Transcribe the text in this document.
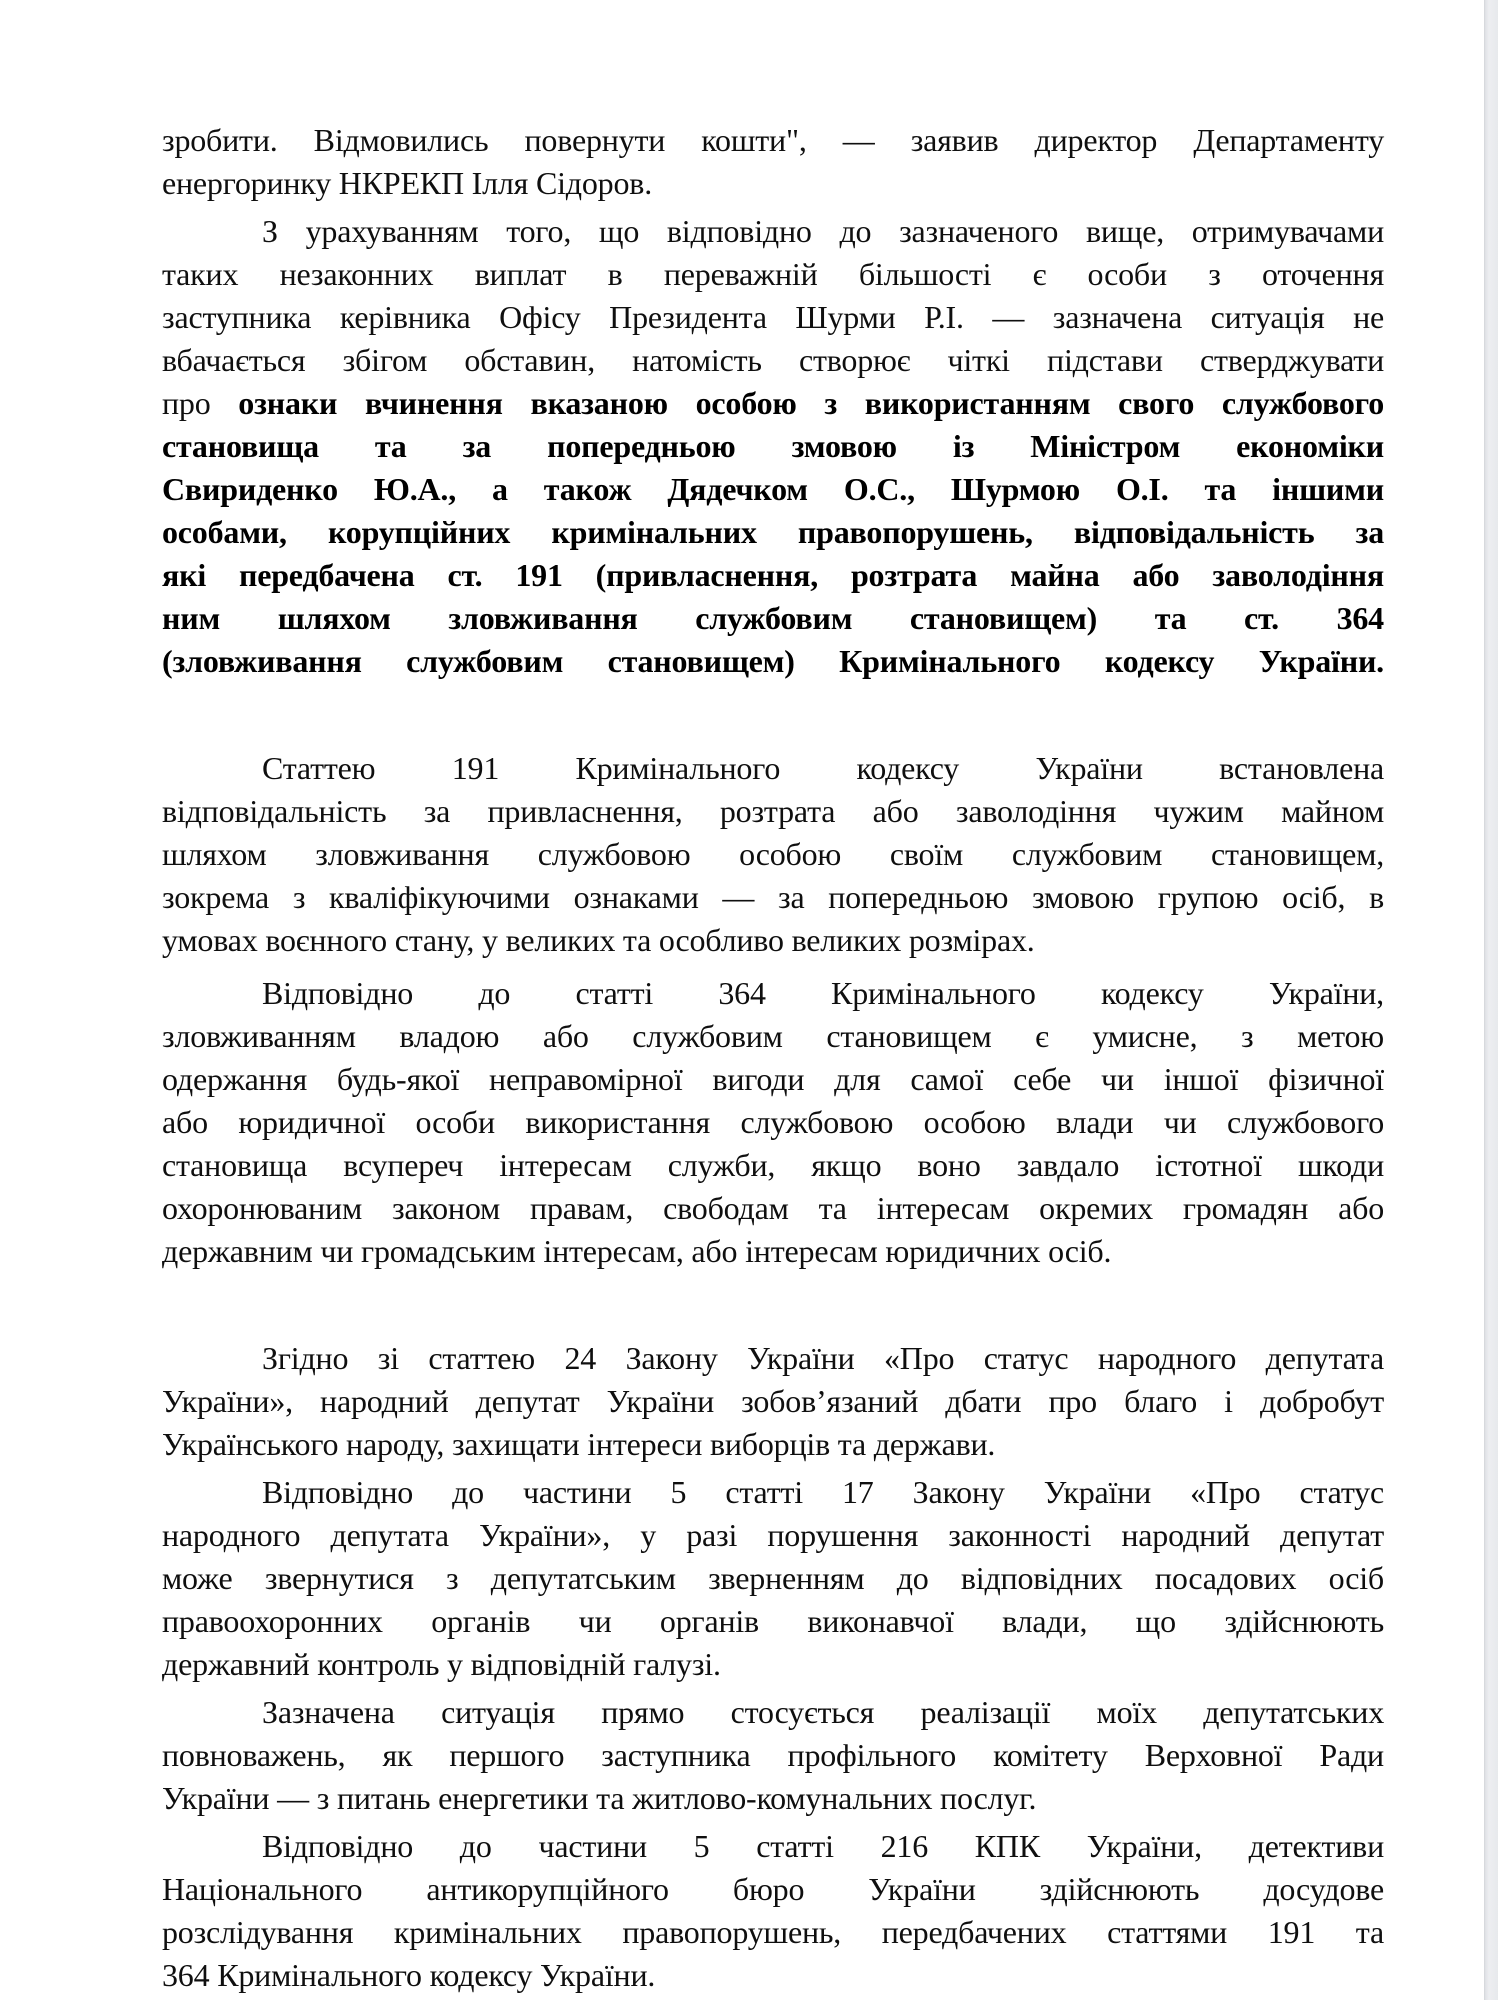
зробити. Відмовились повернути кошти", — заявив директор Департаменту
енергоринку НКРЕКП Ілля Сідоров.
З урахуванням того, що відповідно до зазначеного вище, отримувачами
таких незаконних виплат в переважній більшості є особи з оточення
заступника керівника Офісу Президента Шурми Р.І. — зазначена ситуація не
вбачається збігом обставин, натомість створює чіткі підстави стверджувати
про ознаки вчинення вказаною особою з використанням свого службового
становища та за попередньою змовою із Міністром економіки
Свириденко Ю.А., а також Дядечком О.С., Шурмою О.І. та іншими
особами, корупційних кримінальних правопорушень, відповідальність за
які передбачена ст. 191 (привласнення, розтрата майна або заволодіння
ним шляхом зловживання службовим становищем) та ст. 364
(зловживання службовим становищем) Кримінального кодексу України.
Статтею 191 Кримінального кодексу України встановлена
відповідальність за привласнення, розтрата або заволодіння чужим майном
шляхом зловживання службовою особою своїм службовим становищем,
зокрема з кваліфікуючими ознаками — за попередньою змовою групою осіб, в
умовах воєнного стану, у великих та особливо великих розмірах.
Відповідно до статті 364 Кримінального кодексу України,
зловживанням владою або службовим становищем є умисне, з метою
одержання будь-якої неправомірної вигоди для самої себе чи іншої фізичної
або юридичної особи використання службовою особою влади чи службового
становища всупереч інтересам служби, якщо воно завдало істотної шкоди
охоронюваним законом правам, свободам та інтересам окремих громадян або
державним чи громадським інтересам, або інтересам юридичних осіб.
Згідно зі статтею 24 Закону України «Про статус народного депутата
України», народний депутат України зобов’язаний дбати про благо і добробут
Українського народу, захищати інтереси виборців та держави.
Відповідно до частини 5 статті 17 Закону України «Про статус
народного депутата України», у разі порушення законності народний депутат
може звернутися з депутатським зверненням до відповідних посадових осіб
правоохоронних органів чи органів виконавчої влади, що здійснюють
державний контроль у відповідній галузі.
Зазначена ситуація прямо стосується реалізації моїх депутатських
повноважень, як першого заступника профільного комітету Верховної Ради
України — з питань енергетики та житлово-комунальних послуг.
Відповідно до частини 5 статті 216 КПК України, детективи
Національного антикорупційного бюро України здійснюють досудове
розслідування кримінальних правопорушень, передбачених статтями 191 та
364 Кримінального кодексу України.
